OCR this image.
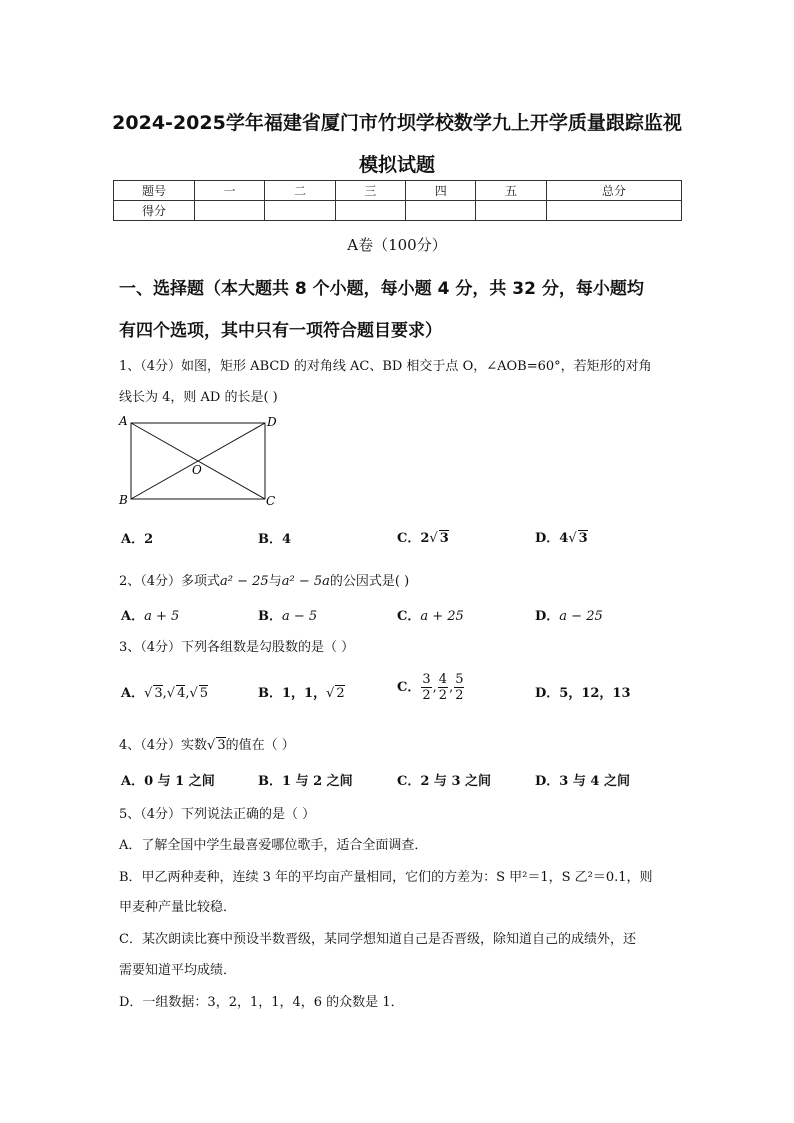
2024-2025学年福建省厦门市竹坝学校数学九上开学质量跟踪监视
模拟试题
题号	一	二	三	四	五	总分
得分						
A卷（100分）
一、选择题（本大题共 8 个小题，每小题 4 分，共 32 分，每小题均
有四个选项，其中只有一项符合题目要求）
1、（4分）如图，矩形 ABCD 的对角线 AC、BD 相交于点 O，∠AOB=60°，若矩形的对角
线长为 4，则 AD 的长是( )
A	D
O
B	C
A．2	B．4	C．2√ 3	D．4√ 3
2、（4分）多项式a² − 25与a² − 5a的公因式是( )
A．a + 5	B．a − 5	C．a + 25	D．a − 25
3、（4分）下列各组数是勾股数的是（ ）
A．√ 3,√ 4,√ 5	B．1，1，√ 2	C． $\frac{3}{2}$ , $\frac{4}{2}$ , $\frac{5}{2}$	D．5，12，13
4、（4分）实数√ 3的值在（ ）
A．0 与 1 之间	B．1 与 2 之间	C．2 与 3 之间	D．3 与 4 之间
5、（4分）下列说法正确的是（ ）
A．了解全国中学生最喜爱哪位歌手，适合全面调查．
B．甲乙两种麦种，连续 3 年的平均亩产量相同，它们的方差为：S 甲²＝1，S 乙²＝0.1，则
甲麦种产量比较稳．
C．某次朗读比赛中预设半数晋级，某同学想知道自己是否晋级，除知道自己的成绩外，还
需要知道平均成绩．
D．一组数据：3，2，1，1，4，6 的众数是 1．
